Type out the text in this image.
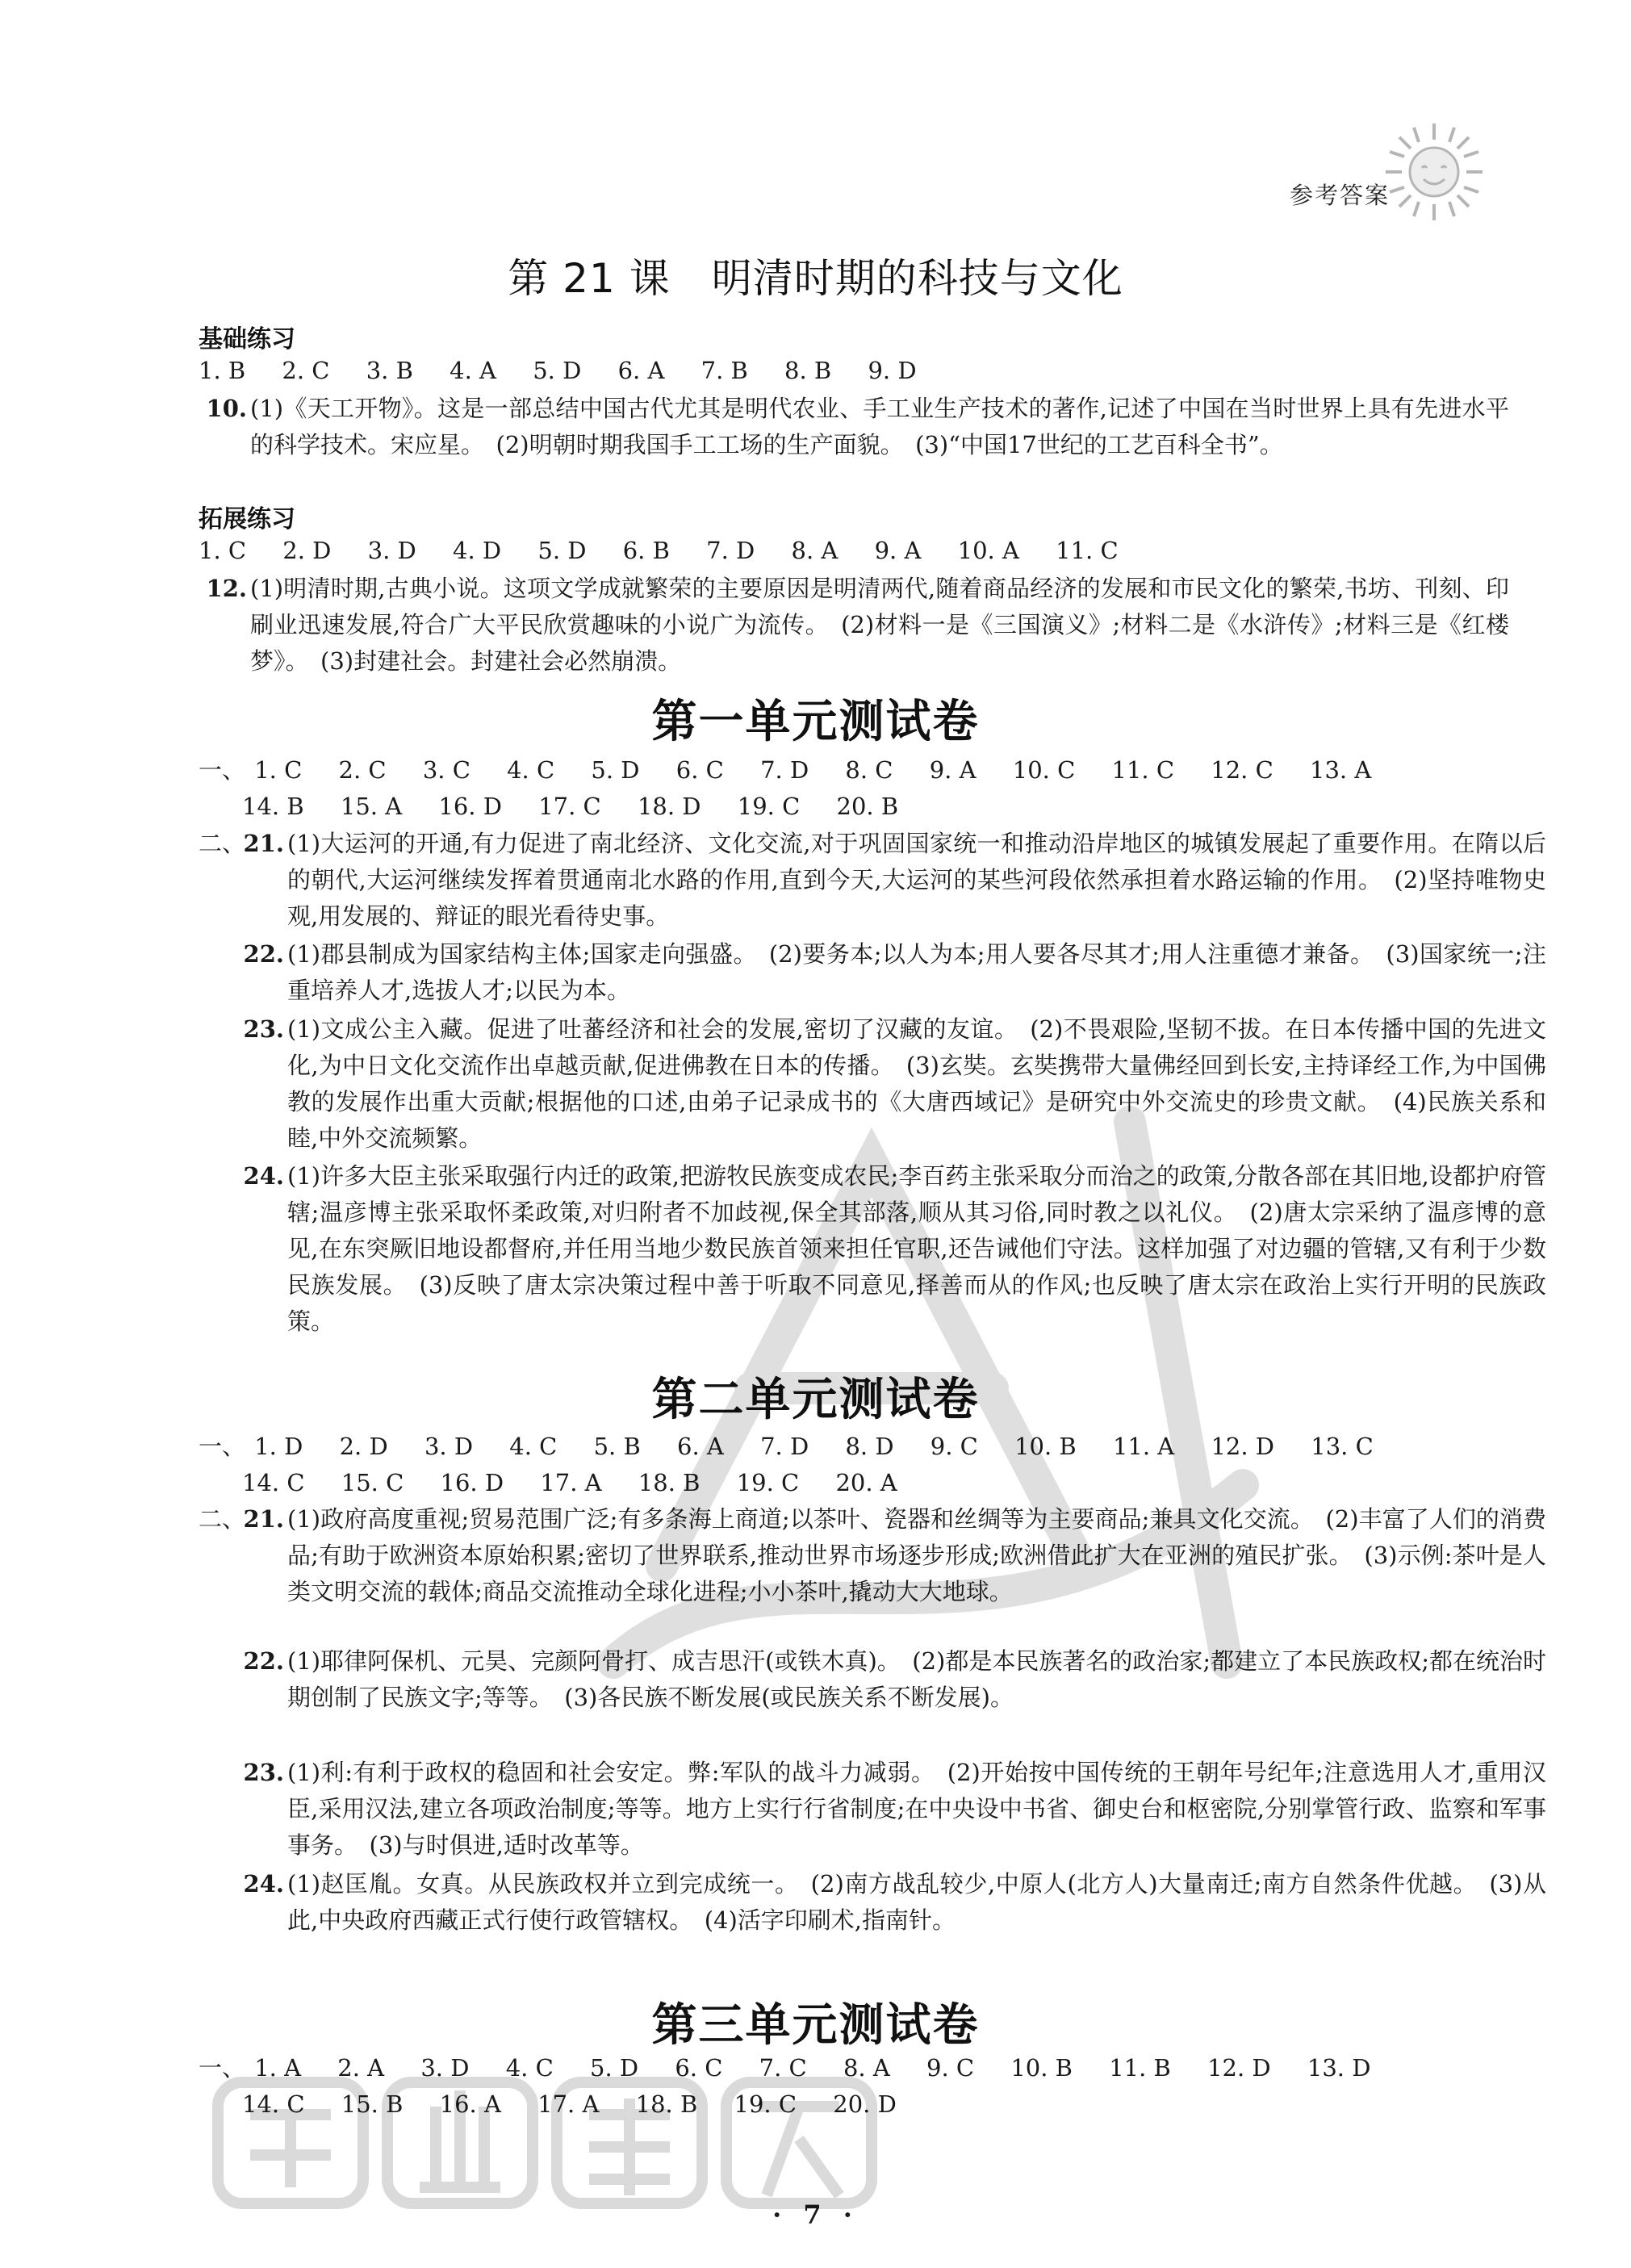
参考答案
第 21 课　明清时期的科技与文化
基础练习
1. B 2. C 3. B 4. A 5. D 6. A 7. B 8. B 9. D
10. (1)《天工开物》。这是一部总结中国古代尤其是明代农业、手工业生产技术的著作,记述了中国在当时世界上具有先进水平的科学技术。宋应星。　(2)明朝时期我国手工工场的生产面貌。　(3)“中国17世纪的工艺百科全书”。
拓展练习
1. C 2. D 3. D 4. D 5. D 6. B 7. D 8. A 9. A 10. A 11. C
12. (1)明清时期,古典小说。这项文学成就繁荣的主要原因是明清两代,随着商品经济的发展和市民文化的繁荣,书坊、刊刻、印刷业迅速发展,符合广大平民欣赏趣味的小说广为流传。　(2)材料一是《三国演义》;材料二是《水浒传》;材料三是《红楼梦》。　(3)封建社会。封建社会必然崩溃。
第一单元测试卷
一、 1. C 2. C 3. C 4. C 5. D 6. C 7. D 8. C 9. A 10. C 11. C 12. C 13. A
14. B 15. A 16. D 17. C 18. D 19. C 20. B
二、
21. (1)大运河的开通,有力促进了南北经济、文化交流,对于巩固国家统一和推动沿岸地区的城镇发展起了重要作用。在隋以后的朝代,大运河继续发挥着贯通南北水路的作用,直到今天,大运河的某些河段依然承担着水路运输的作用。　(2)坚持唯物史观,用发展的、辩证的眼光看待史事。
22. (1)郡县制成为国家结构主体;国家走向强盛。　(2)要务本;以人为本;用人要各尽其才;用人注重德才兼备。　(3)国家统一;注重培养人才,选拔人才;以民为本。
23. (1)文成公主入藏。促进了吐蕃经济和社会的发展,密切了汉藏的友谊。　(2)不畏艰险,坚韧不拔。在日本传播中国的先进文化,为中日文化交流作出卓越贡献,促进佛教在日本的传播。　(3)玄奘。玄奘携带大量佛经回到长安,主持译经工作,为中国佛教的发展作出重大贡献;根据他的口述,由弟子记录成书的《大唐西域记》是研究中外交流史的珍贵文献。　(4)民族关系和睦,中外交流频繁。
24. (1)许多大臣主张采取强行内迁的政策,把游牧民族变成农民;李百药主张采取分而治之的政策,分散各部在其旧地,设都护府管辖;温彦博主张采取怀柔政策,对归附者不加歧视,保全其部落,顺从其习俗,同时教之以礼仪。　(2)唐太宗采纳了温彦博的意见,在东突厥旧地设都督府,并任用当地少数民族首领来担任官职,还告诫他们守法。这样加强了对边疆的管辖,又有利于少数民族发展。　(3)反映了唐太宗决策过程中善于听取不同意见,择善而从的作风;也反映了唐太宗在政治上实行开明的民族政策。
第二单元测试卷
一、 1. D 2. D 3. D 4. C 5. B 6. A 7. D 8. D 9. C 10. B 11. A 12. D 13. C
14. C 15. C 16. D 17. A 18. B 19. C 20. A
二、
21. (1)政府高度重视;贸易范围广泛;有多条海上商道;以茶叶、瓷器和丝绸等为主要商品;兼具文化交流。　(2)丰富了人们的消费品;有助于欧洲资本原始积累;密切了世界联系,推动世界市场逐步形成;欧洲借此扩大在亚洲的殖民扩张。　(3)示例:茶叶是人类文明交流的载体;商品交流推动全球化进程;小小茶叶,撬动大大地球。
22. (1)耶律阿保机、元昊、完颜阿骨打、成吉思汗(或铁木真)。　(2)都是本民族著名的政治家;都建立了本民族政权;都在统治时期创制了民族文字;等等。　(3)各民族不断发展(或民族关系不断发展)。
23. (1)利:有利于政权的稳固和社会安定。弊:军队的战斗力减弱。　(2)开始按中国传统的王朝年号纪年;注意选用人才,重用汉臣,采用汉法,建立各项政治制度;等等。地方上实行行省制度;在中央设中书省、御史台和枢密院,分别掌管行政、监察和军事事务。　(3)与时俱进,适时改革等。
24. (1)赵匡胤。女真。从民族政权并立到完成统一。　(2)南方战乱较少,中原人(北方人)大量南迁;南方自然条件优越。　(3)从此,中央政府西藏正式行使行政管辖权。　(4)活字印刷术,指南针。
第三单元测试卷
一、 1. A 2. A 3. D 4. C 5. D 6. C 7. C 8. A 9. C 10. B 11. B 12. D 13. D
14. C 15. B 16. A 17. A 18. B 19. C 20. D
· 7 ·
